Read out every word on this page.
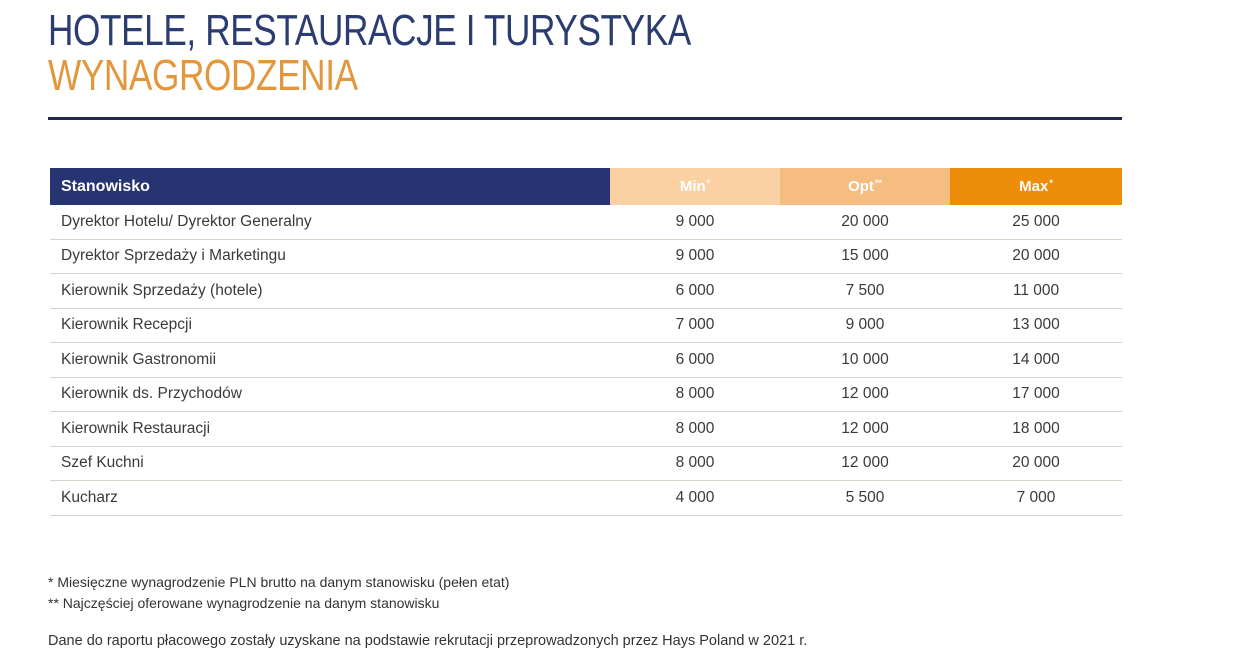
HOTELE, RESTAURACJE I TURYSTYKA
WYNAGRODZENIA
Stanowisko	Min*	Opt**	Max*
Dyrektor Hotelu/ Dyrektor Generalny	9 000	20 000	25 000
Dyrektor Sprzedaży i Marketingu	9 000	15 000	20 000
Kierownik Sprzedaży (hotele)	6 000	7 500	11 000
Kierownik Recepcji	7 000	9 000	13 000
Kierownik Gastronomii	6 000	10 000	14 000
Kierownik ds. Przychodów	8 000	12 000	17 000
Kierownik Restauracji	8 000	12 000	18 000
Szef Kuchni	8 000	12 000	20 000
Kucharz	4 000	5 500	7 000
* Miesięczne wynagrodzenie PLN brutto na danym stanowisku (pełen etat)
** Najczęściej oferowane wynagrodzenie na danym stanowisku
Dane do raportu płacowego zostały uzyskane na podstawie rekrutacji przeprowadzonych przez Hays Poland w 2021 r.
